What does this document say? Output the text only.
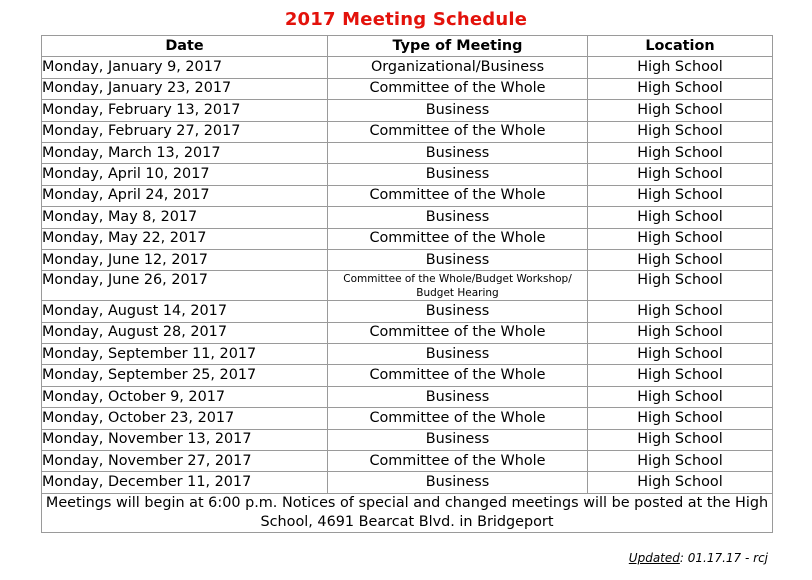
2017 Meeting Schedule
Date	Type of Meeting	Location
Monday, January 9, 2017	Organizational/Business	High School
Monday, January 23, 2017	Committee of the Whole	High School
Monday, February 13, 2017	Business	High School
Monday, February 27, 2017	Committee of the Whole	High School
Monday, March 13, 2017	Business	High School
Monday, April 10, 2017	Business	High School
Monday, April 24, 2017	Committee of the Whole	High School
Monday, May 8, 2017	Business	High School
Monday, May 22, 2017	Committee of the Whole	High School
Monday, June 12, 2017	Business	High School
Monday, June 26, 2017	Committee of the Whole/Budget Workshop/ Budget Hearing	High School
Monday, August 14, 2017	Business	High School
Monday, August 28, 2017	Committee of the Whole	High School
Monday, September 11, 2017	Business	High School
Monday, September 25, 2017	Committee of the Whole	High School
Monday, October 9, 2017	Business	High School
Monday, October 23, 2017	Committee of the Whole	High School
Monday, November 13, 2017	Business	High School
Monday, November 27, 2017	Committee of the Whole	High School
Monday, December 11, 2017	Business	High School
Meetings will begin at 6:00 p.m. Notices of special and changed meetings will be posted at the High School, 4691 Bearcat Blvd. in Bridgeport		
Updated: 01.17.17 - rcj
